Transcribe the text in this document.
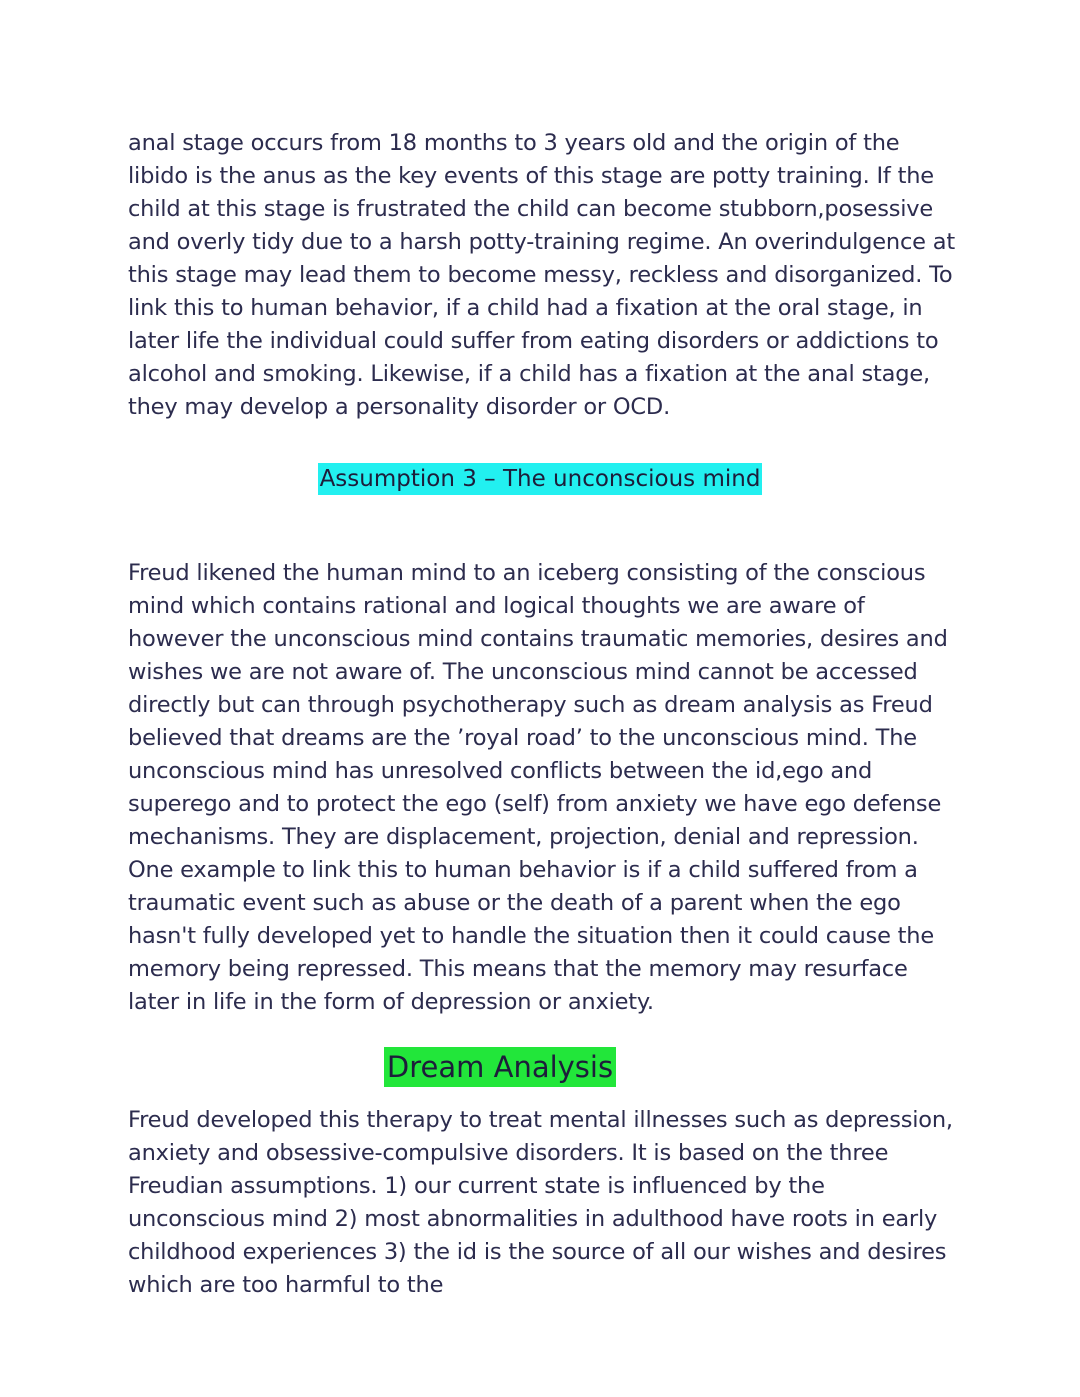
anal stage occurs from 18 months to 3 years old and the origin of the libido is the anus as the key events of this stage are potty training. If the child at this stage is frustrated the child can become stubborn,posessive and overly tidy due to a harsh potty-training regime. An overindulgence at this stage may lead them to become messy, reckless and disorganized. To link this to human behavior, if a child had a fixation at the oral stage, in later life the individual could suffer from eating disorders or addictions to alcohol and smoking. Likewise, if a child has a fixation at the anal stage, they may develop a personality disorder or OCD.

Assumption 3 – The unconscious mind

Freud likened the human mind to an iceberg consisting of the conscious mind which contains rational and logical thoughts we are aware of however the unconscious mind contains traumatic memories, desires and wishes we are not aware of. The unconscious mind cannot be accessed directly but can through psychotherapy such as dream analysis as Freud believed that dreams are the ’royal road’ to the unconscious mind. The unconscious mind has unresolved conflicts between the id,ego and superego and to protect the ego (self) from anxiety we have ego defense mechanisms. They are displacement, projection, denial and repression. One example to link this to human behavior is if a child suffered from a traumatic event such as abuse or the death of a parent when the ego hasn't fully developed yet to handle the situation then it could cause the memory being repressed. This means that the memory may resurface later in life in the form of depression or anxiety.

Dream Analysis

Freud developed this therapy to treat mental illnesses such as depression, anxiety and obsessive-compulsive disorders. It is based on the three Freudian assumptions. 1) our current state is influenced by the unconscious mind 2) most abnormalities in adulthood have roots in early childhood experiences 3) the id is the source of all our wishes and desires which are too harmful to the
